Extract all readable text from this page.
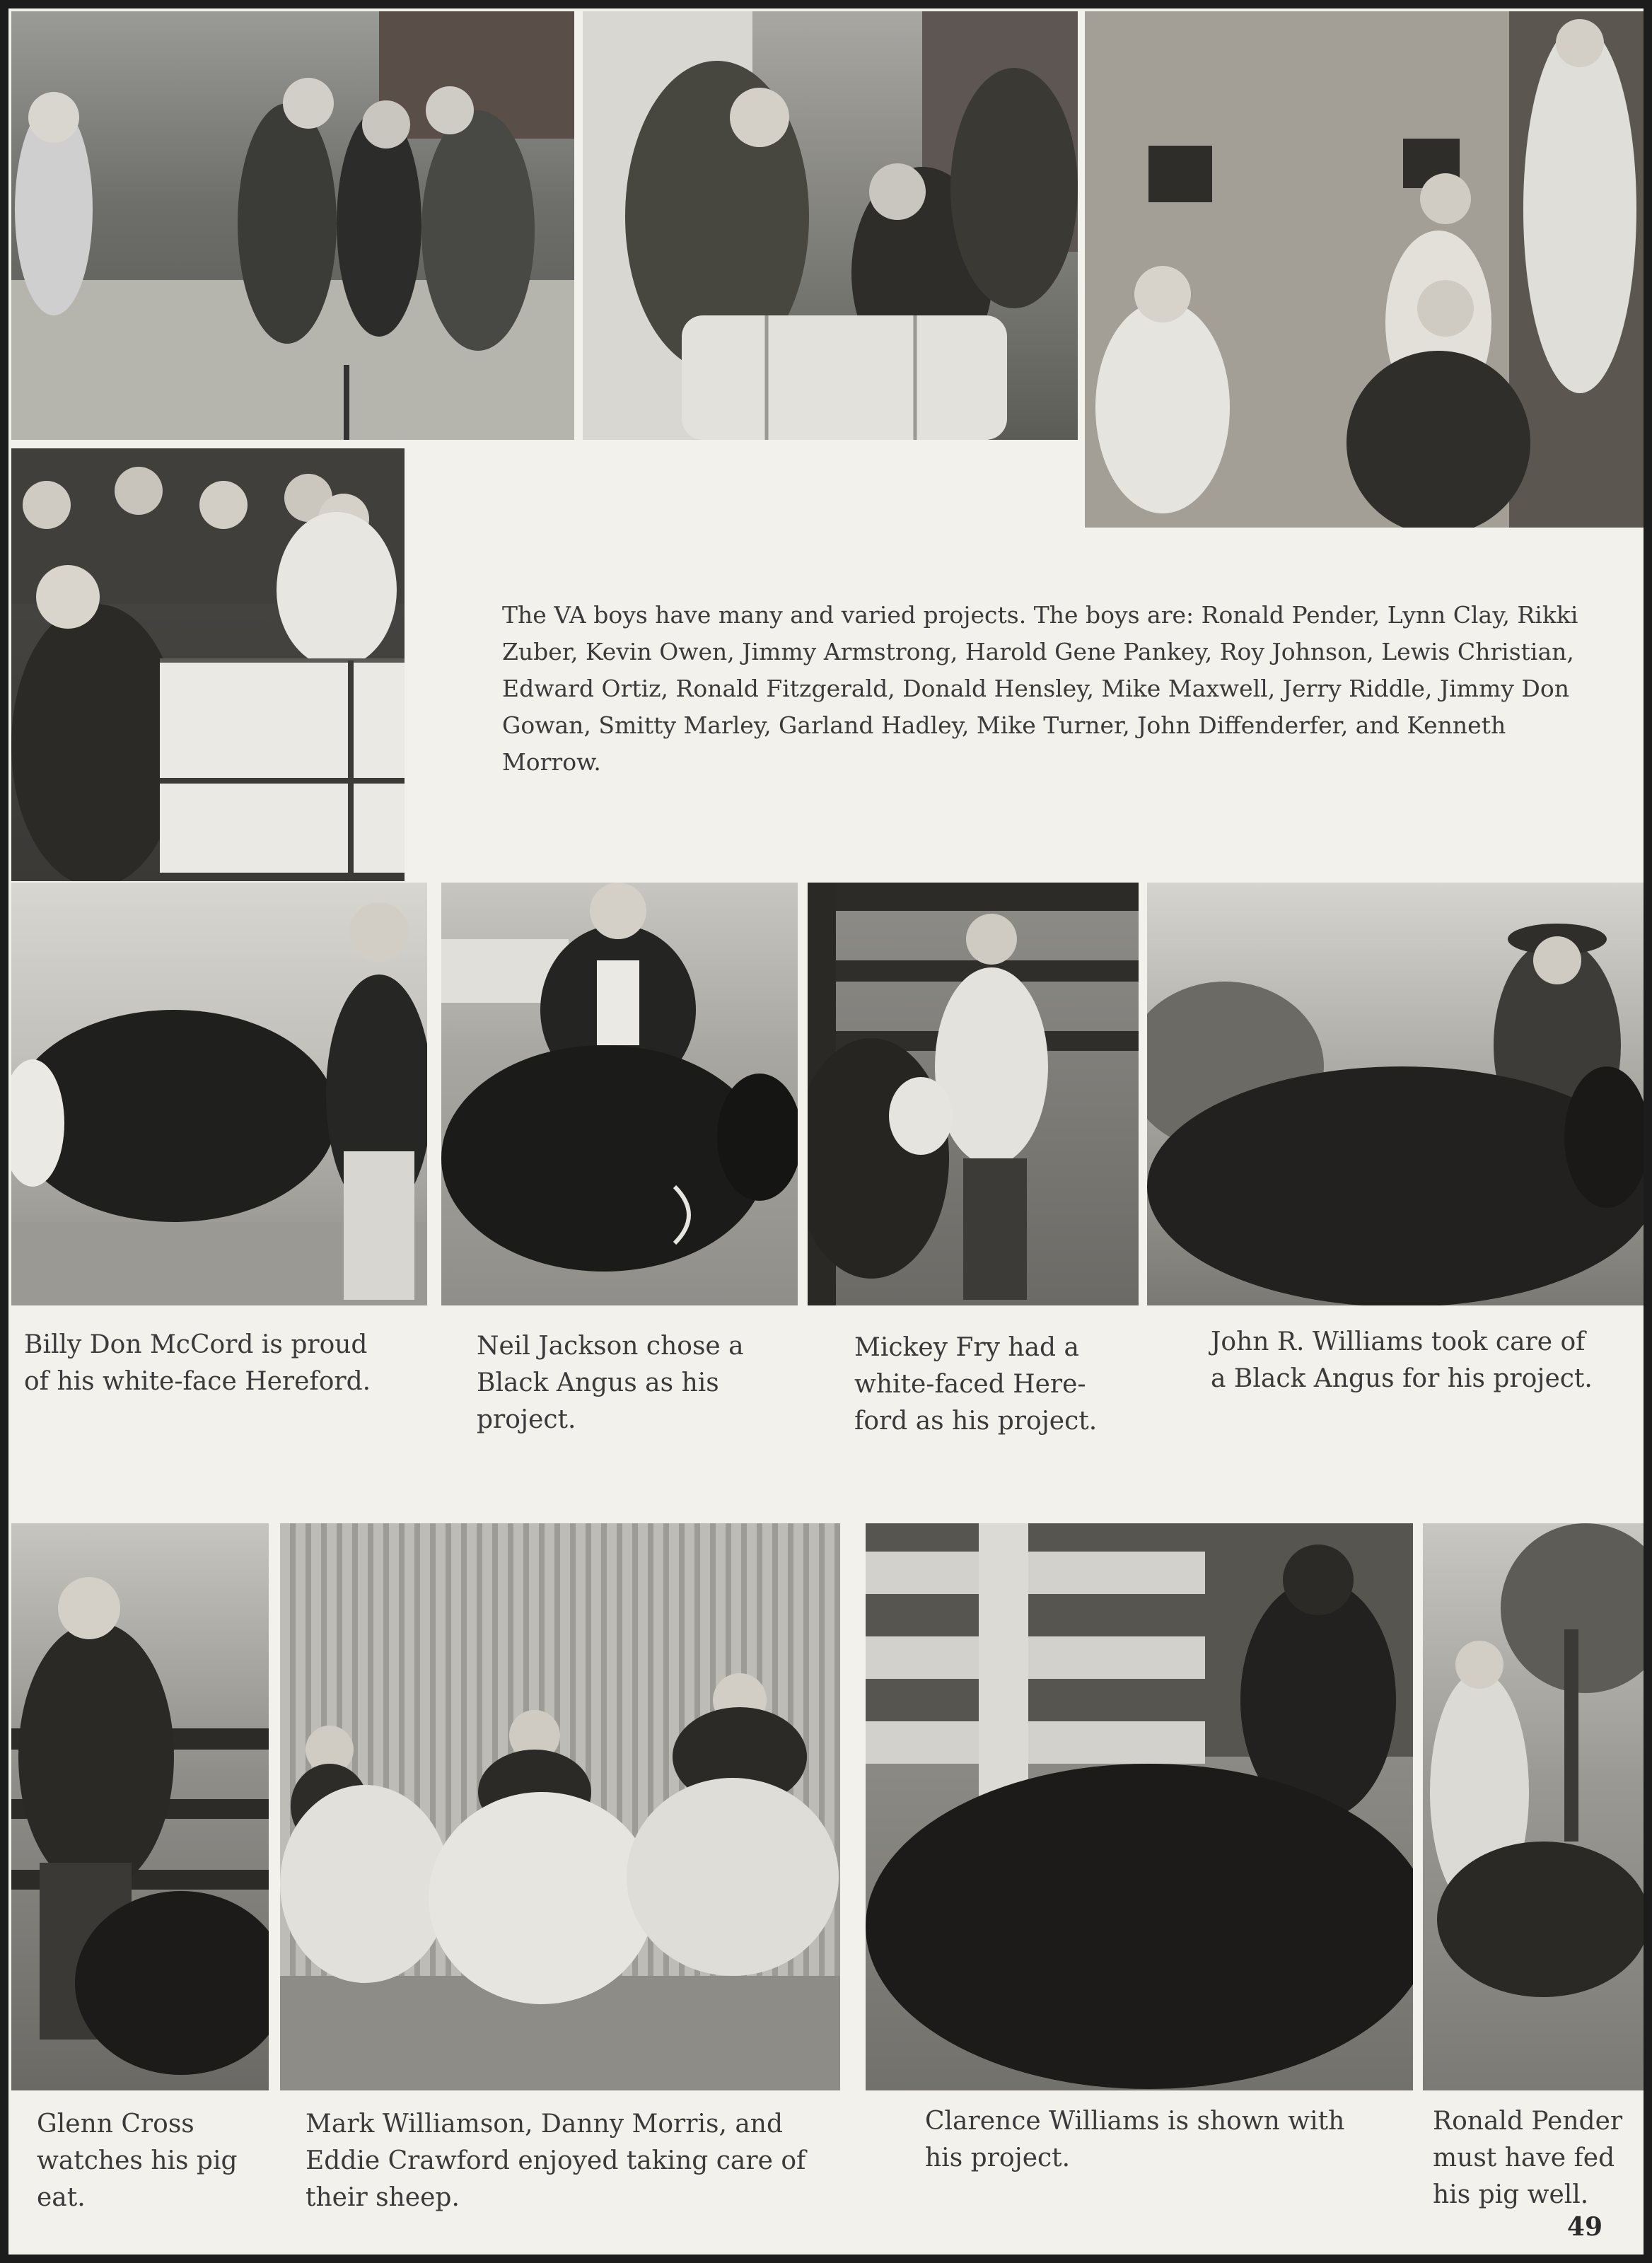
The VA boys have many and varied projects. The boys are: Ronald Pender, Lynn Clay, Rikki Zuber, Kevin Owen, Jimmy Armstrong, Harold Gene Pankey, Roy Johnson, Lewis Christian, Edward Ortiz, Ronald Fitzgerald, Donald Hensley, Mike Maxwell, Jerry Riddle, Jimmy Don Gowan, Smitty Marley, Garland Hadley, Mike Turner, John Diffenderfer, and Kenneth Morrow.

Billy Don McCord is proud
of his white-face Hereford.

Neil Jackson chose a
Black Angus as his
project.

Mickey Fry had a
white-faced Here-
ford as his project.

John R. Williams took care of
a Black Angus for his project.

Glenn Cross
watches his pig
eat.

Mark Williamson, Danny Morris, and
Eddie Crawford enjoyed taking care of
their sheep.

Clarence Williams is shown with
his project.

Ronald Pender
must have fed
his pig well.

49
